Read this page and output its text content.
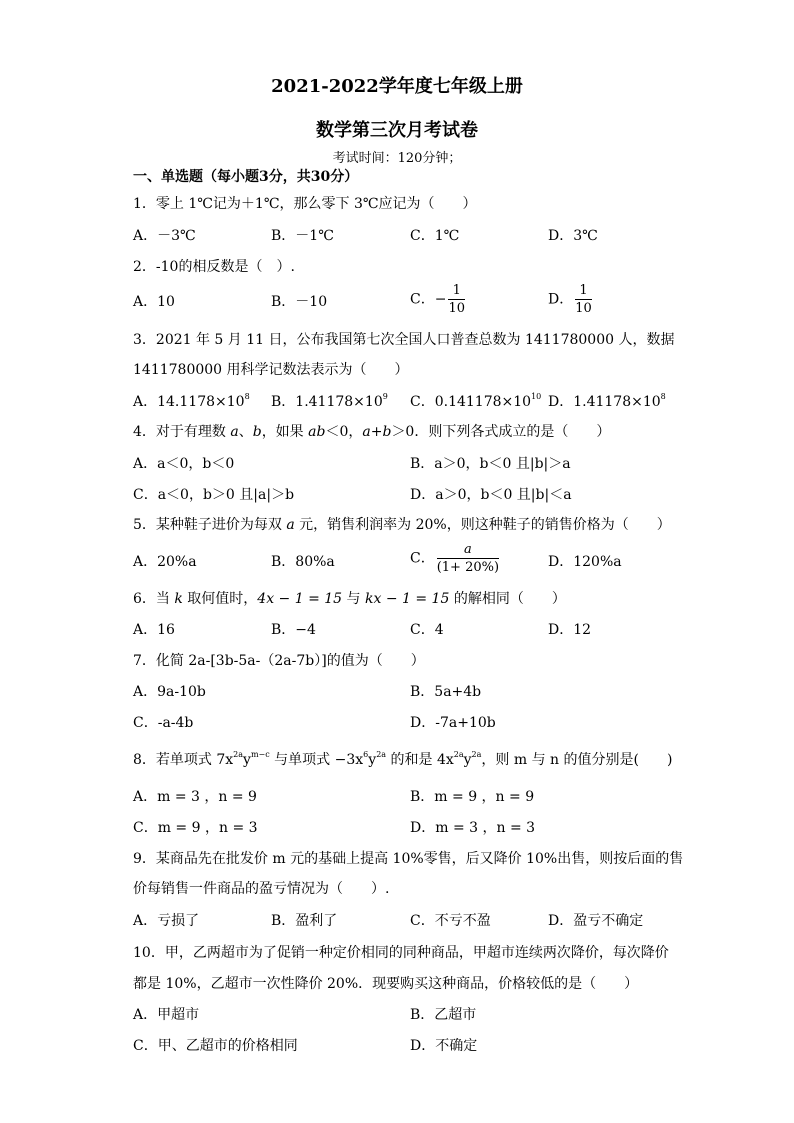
2021-2022学年度七年级上册
数学第三次月考试卷
考试时间：120分钟；
一、单选题（每小题3分，共30分）
1．零上 1℃记为＋1℃，那么零下 3℃应记为（　　）
A．－3℃	B．－1℃	C．1℃	D．3℃
2．-10的相反数是（　）.
A．10	B．－10	C．− $\frac{1}{10}$	D． $\frac{1}{10}$
3．2021 年 5 月 11 日，公布我国第七次全国人口普查总数为 1411780000 人，数据
1411780000 用科学记数法表示为（　　）
A．$14.1178\times 10^8$ B．$1.41178\times 10^9$ C．$0.141178\times 10^{10}$ D．$1.41178\times 10^8$
4．对于有理数 a、b，如果 ab＜0，a+b＞0．则下列各式成立的是（　　）
A．a＜0，b＜0	B．a＞0，b＜0 且|b|＞a
C．a＜0，b＞0 且|a|＞b	D．a＞0，b＜0 且|b|＜a
5．某种鞋子进价为每双 a 元，销售利润率为 20%，则这种鞋子的销售价格为（　　）
A．20%a	B．80%a	C． $\frac{a}{(1+ 20\%)}$	D．120%a
6．当 k 取何值时，4x − 1 = 15 与 kx − 1 = 15 的解相同（　　）
A．16	B．−4	C．4	D．12
7．化简 2a-[3b-5a-（2a-7b）]的值为（　　）
A．9a-10b	B．5a+4b
C．-a-4b	D．-7a+10b
8．若单项式 $7x^{2a}y^{m-c}$ 与单项式 $-3x^6y^{2a}$ 的和是 $4x^{2a}y^{2a}$，则 m 与 n 的值分别是(　　)
A．m = 3 ，n = 9	B．m = 9 ，n = 9
C．m = 9 ，n = 3	D．m = 3 ，n = 3
9．某商品先在批发价 m 元的基础上提高 10%零售，后又降价 10%出售，则按后面的售
价每销售一件商品的盈亏情况为（　　）.
A．亏损了	B．盈利了	C．不亏不盈	D．盈亏不确定
10．甲，乙两超市为了促销一种定价相同的同种商品，甲超市连续两次降价，每次降价
都是 10%，乙超市一次性降价 20%．现要购买这种商品，价格较低的是（　　）
A．甲超市	B．乙超市
C．甲、乙超市的价格相同	D．不确定
